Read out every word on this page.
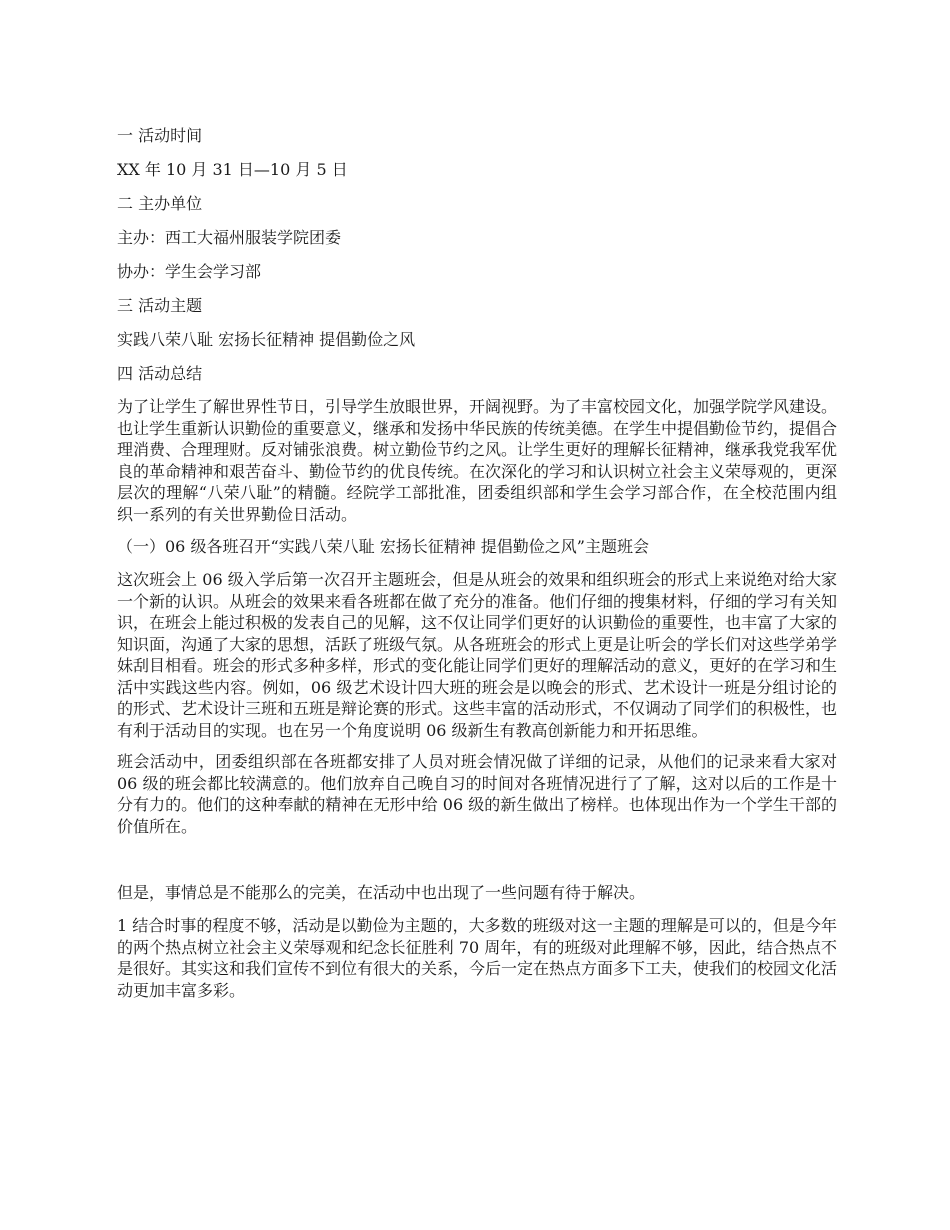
一 活动时间

XX 年 10 月 31 日—10 月 5 日

二 主办单位

主办：西工大福州服装学院团委

协办：学生会学习部

三 活动主题

实践八荣八耻 宏扬长征精神 提倡勤俭之风

四 活动总结

为了让学生了解世界性节日，引导学生放眼世界，开阔视野。为了丰富校园文化，加强学院学风建设。也让学生重新认识勤俭的重要意义，继承和发扬中华民族的传统美德。在学生中提倡勤俭节约，提倡合理消费、合理理财。反对铺张浪费。树立勤俭节约之风。让学生更好的理解长征精神，继承我党我军优良的革命精神和艰苦奋斗、勤俭节约的优良传统。在次深化的学习和认识树立社会主义荣辱观的，更深层次的理解“八荣八耻”的精髓。经院学工部批准，团委组织部和学生会学习部合作，在全校范围内组织一系列的有关世界勤俭日活动。

（一）06 级各班召开“实践八荣八耻 宏扬长征精神 提倡勤俭之风”主题班会

这次班会上 06 级入学后第一次召开主题班会，但是从班会的效果和组织班会的形式上来说绝对给大家一个新的认识。从班会的效果来看各班都在做了充分的准备。他们仔细的搜集材料，仔细的学习有关知识，在班会上能过积极的发表自己的见解，这不仅让同学们更好的认识勤俭的重要性，也丰富了大家的知识面，沟通了大家的思想，活跃了班级气氛。从各班班会的形式上更是让听会的学长们对这些学弟学妹刮目相看。班会的形式多种多样，形式的变化能让同学们更好的理解活动的意义，更好的在学习和生活中实践这些内容。例如，06 级艺术设计四大班的班会是以晚会的形式、艺术设计一班是分组讨论的的形式、艺术设计三班和五班是辩论赛的形式。这些丰富的活动形式，不仅调动了同学们的积极性，也有利于活动目的实现。也在另一个角度说明 06 级新生有教高创新能力和开拓思维。

班会活动中，团委组织部在各班都安排了人员对班会情况做了详细的记录，从他们的记录来看大家对 06 级的班会都比较满意的。他们放弃自己晚自习的时间对各班情况进行了了解，这对以后的工作是十分有力的。他们的这种奉献的精神在无形中给 06 级的新生做出了榜样。也体现出作为一个学生干部的价值所在。

但是，事情总是不能那么的完美，在活动中也出现了一些问题有待于解决。

1 结合时事的程度不够，活动是以勤俭为主题的，大多数的班级对这一主题的理解是可以的，但是今年的两个热点树立社会主义荣辱观和纪念长征胜利 70 周年，有的班级对此理解不够，因此，结合热点不是很好。其实这和我们宣传不到位有很大的关系，今后一定在热点方面多下工夫，使我们的校园文化活动更加丰富多彩。
